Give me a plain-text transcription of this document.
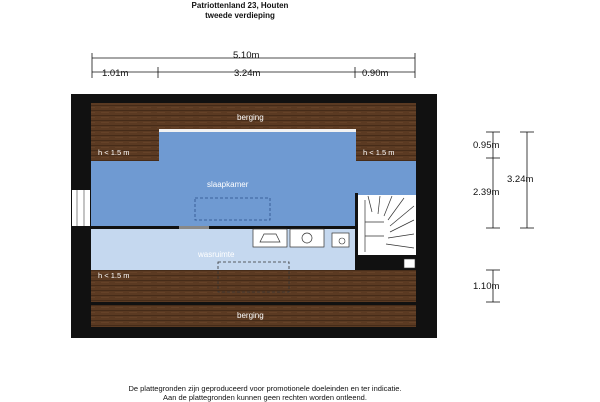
Patriottenland 23, Houten
tweede verdieping
5.10m
1.01m	3.24m	0.90m
0.95m
3.24m
2.39m
1.10m
berging
berging
slaapkamer
wasruimte
h < 1.5 m	h < 1.5 m
h < 1.5 m
De plattegronden zijn geproduceerd voor promotionele doeleinden en ter indicatie.
Aan de plattegronden kunnen geen rechten worden ontleend.
